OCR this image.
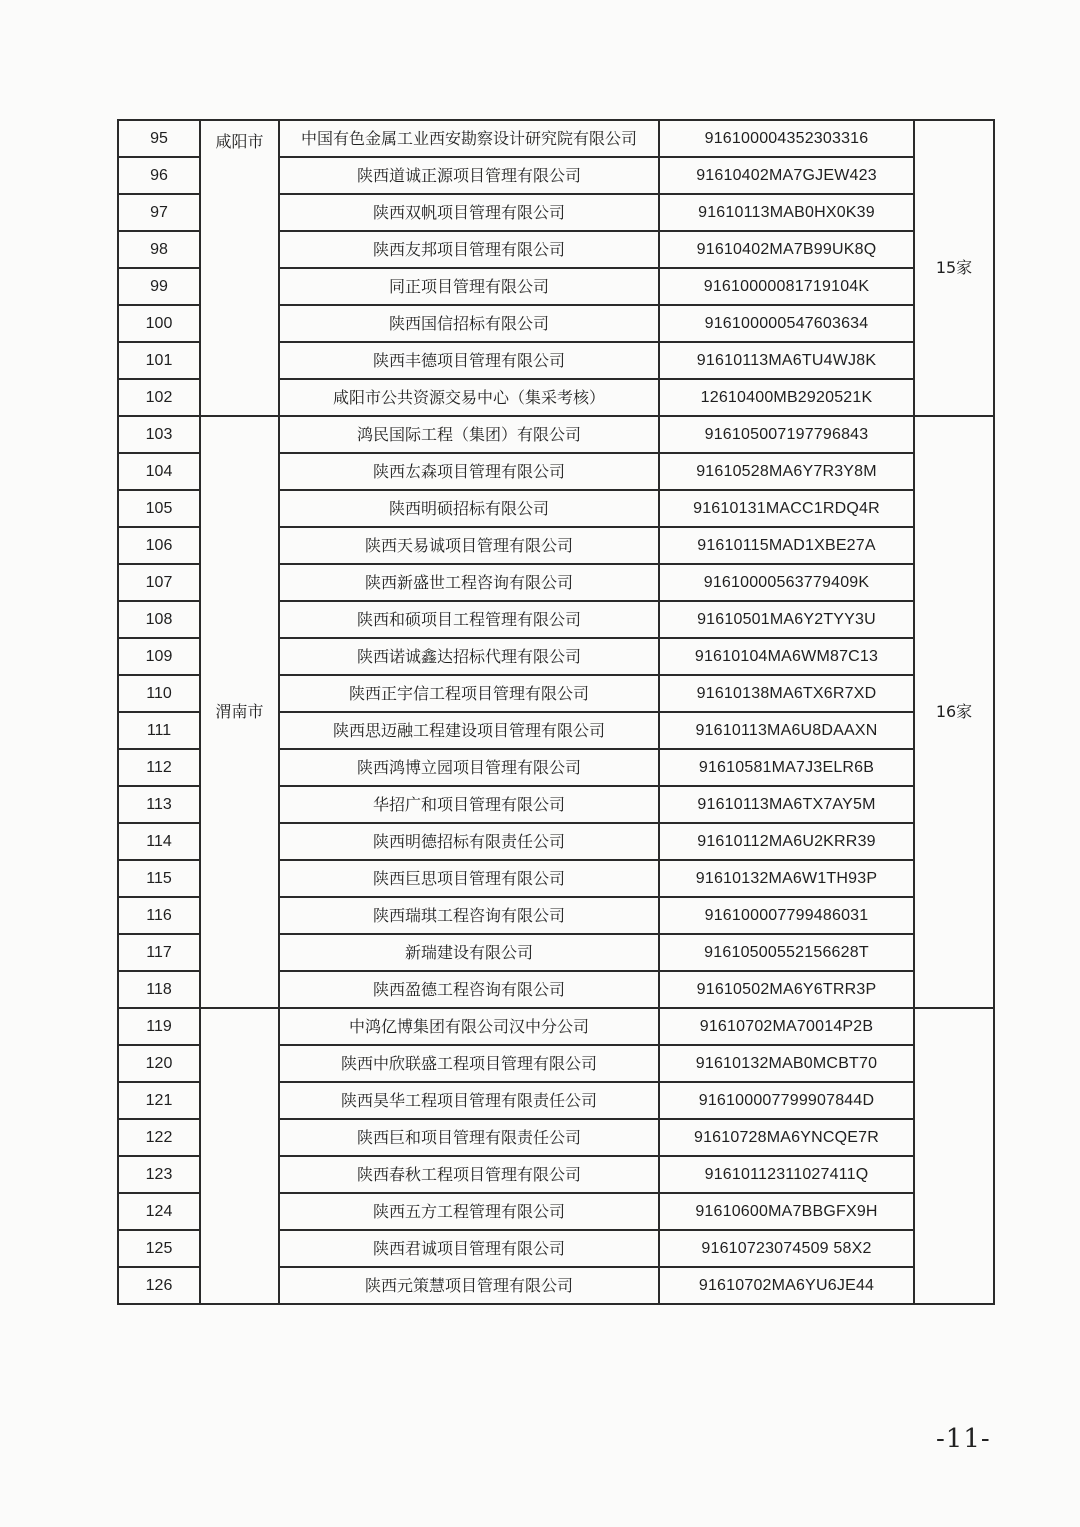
95	咸阳市	中国有色金属工业西安勘察设计研究院有限公司	916100004352303316	15家
96		陕西道诚正源项目管理有限公司	91610402MA7GJEW423	
97		陕西双帆项目管理有限公司	91610113MAB0HX0K39	
98		陕西友邦项目管理有限公司	91610402MA7B99UK8Q	
99		同正项目管理有限公司	91610000081719104K	
100		陕西国信招标有限公司	916100000547603634	
101		陕西丰德项目管理有限公司	91610113MA6TU4WJ8K	
102		咸阳市公共资源交易中心（集采考核）	12610400MB2920521K	
103	渭南市	鸿民国际工程（集团）有限公司	916105007197796843	16家
104		陕西厷森项目管理有限公司	91610528MA6Y7R3Y8M	
105		陕西明硕招标有限公司	91610131MACC1RDQ4R	
106		陕西天易诚项目管理有限公司	91610115MAD1XBE27A	
107		陕西新盛世工程咨询有限公司	91610000563779409K	
108		陕西和硕项目工程管理有限公司	91610501MA6Y2TYY3U	
109		陕西诺诚鑫达招标代理有限公司	91610104MA6WM87C13	
110		陕西正宇信工程项目管理有限公司	91610138MA6TX6R7XD	
111		陕西思迈融工程建设项目管理有限公司	91610113MA6U8DAAXN	
112		陕西鸿博立园项目管理有限公司	91610581MA7J3ELR6B	
113		华招广和项目管理有限公司	91610113MA6TX7AY5M	
114		陕西明德招标有限责任公司	91610112MA6U2KRR39	
115		陕西巨思项目管理有限公司	91610132MA6W1TH93P	
116		陕西瑞琪工程咨询有限公司	916100007799486031	
117		新瑞建设有限公司	91610500552156628T	
118		陕西盈德工程咨询有限公司	91610502MA6Y6TRR3P	
119		中鸿亿博集团有限公司汉中分公司	91610702MA70014P2B	
120		陕西中欣联盛工程项目管理有限公司	91610132MAB0MCBT70	
121		陕西昊华工程项目管理有限责任公司	916100007799907844D	
122		陕西巨和项目管理有限责任公司	91610728MA6YNCQE7R	
123		陕西春秋工程项目管理有限公司	91610112311027411Q	
124		陕西五方工程管理有限公司	91610600MA7BBGFX9H	
125		陕西君诚项目管理有限公司	91610723074509 58X2	
126		陕西元策慧项目管理有限公司	91610702MA6YU6JE44	
-11-
